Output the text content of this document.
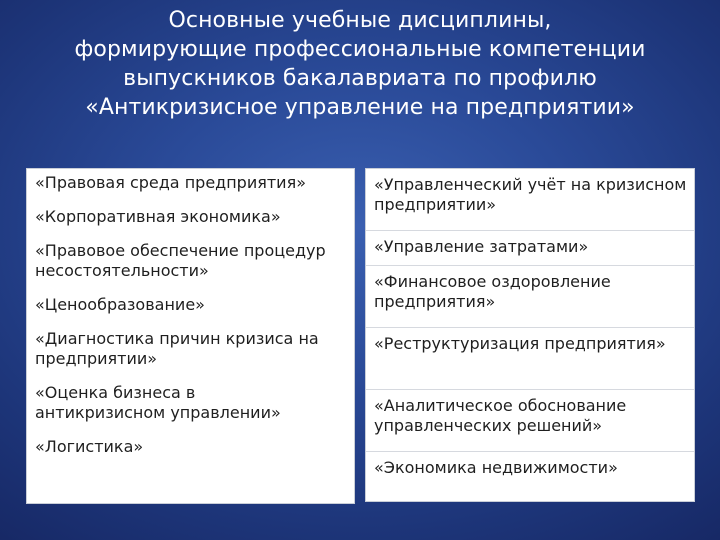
Основные учебные дисциплины,
формирующие профессиональные компетенции
выпускников бакалавриата по профилю
«Антикризисное управление на предприятии»
«Правовая среда предприятия»
«Корпоративная экономика»
«Правовое обеспечение процедур несостоятельности»
«Ценообразование»
«Диагностика причин кризиса на предприятии»
«Оценка бизнеса в антикризисном управлении»
«Логистика»
«Управленческий учёт на кризисном предприятии»
«Управление затратами»
«Финансовое оздоровление предприятия»
«Реструктуризация предприятия»
«Аналитическое обоснование управленческих решений»
«Экономика недвижимости»
